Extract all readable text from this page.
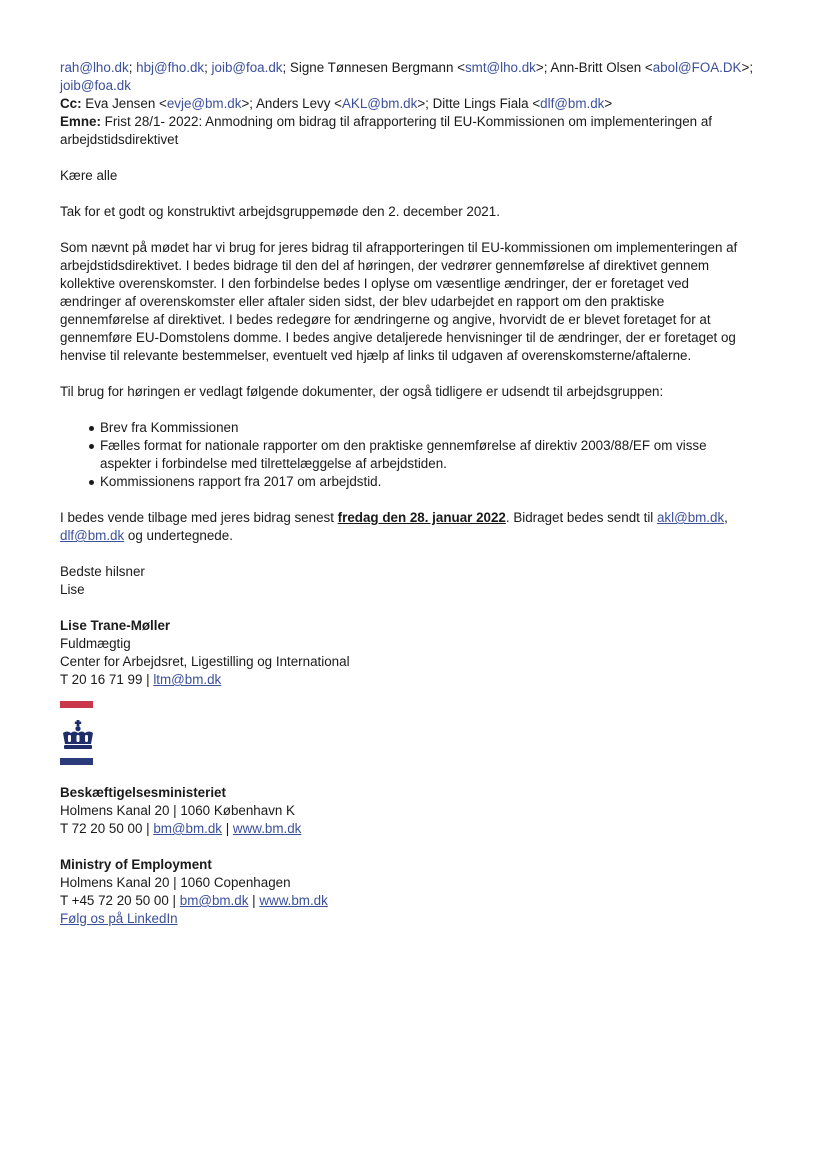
rah@lho.dk; hbj@fho.dk; joib@foa.dk; Signe Tønnesen Bergmann <smt@lho.dk>; Ann-Britt Olsen <abol@FOA.DK>;
joib@foa.dk
Cc: Eva Jensen <evje@bm.dk>; Anders Levy <AKL@bm.dk>; Ditte Lings Fiala <dlf@bm.dk>
Emne: Frist 28/1- 2022: Anmodning om bidrag til afrapportering til EU-Kommissionen om implementeringen af
arbejdstidsdirektivet
Kære alle
Tak for et godt og konstruktivt arbejdsgruppemøde den 2. december 2021.
Som nævnt på mødet har vi brug for jeres bidrag til afrapporteringen til EU-kommissionen om implementeringen af
arbejdstidsdirektivet. I bedes bidrage til den del af høringen, der vedrører gennemførelse af direktivet gennem
kollektive overenskomster. I den forbindelse bedes I oplyse om væsentlige ændringer, der er foretaget ved
ændringer af overenskomster eller aftaler siden sidst, der blev udarbejdet en rapport om den praktiske
gennemførelse af direktivet. I bedes redegøre for ændringerne og angive, hvorvidt de er blevet foretaget for at
gennemføre EU-Domstolens domme. I bedes angive detaljerede henvisninger til de ændringer, der er foretaget og
henvise til relevante bestemmelser, eventuelt ved hjælp af links til udgaven af overenskomsterne/aftalerne.
Til brug for høringen er vedlagt følgende dokumenter, der også tidligere er udsendt til arbejdsgruppen:
Brev fra Kommissionen
Fælles format for nationale rapporter om den praktiske gennemførelse af direktiv 2003/88/EF om visse
aspekter i forbindelse med tilrettelæggelse af arbejdstiden.
Kommissionens rapport fra 2017 om arbejdstid.
I bedes vende tilbage med jeres bidrag senest fredag den 28. januar 2022. Bidraget bedes sendt til akl@bm.dk,
dlf@bm.dk og undertegnede.
Bedste hilsner
Lise
Lise Trane-Møller
Fuldmægtig
Center for Arbejdsret, Ligestilling og International
T 20 16 71 99 | ltm@bm.dk
Beskæftigelsesministeriet
Holmens Kanal 20 | 1060 København K
T 72 20 50 00 | bm@bm.dk | www.bm.dk
Ministry of Employment
Holmens Kanal 20 | 1060 Copenhagen
T +45 72 20 50 00 | bm@bm.dk | www.bm.dk
Følg os på LinkedIn
